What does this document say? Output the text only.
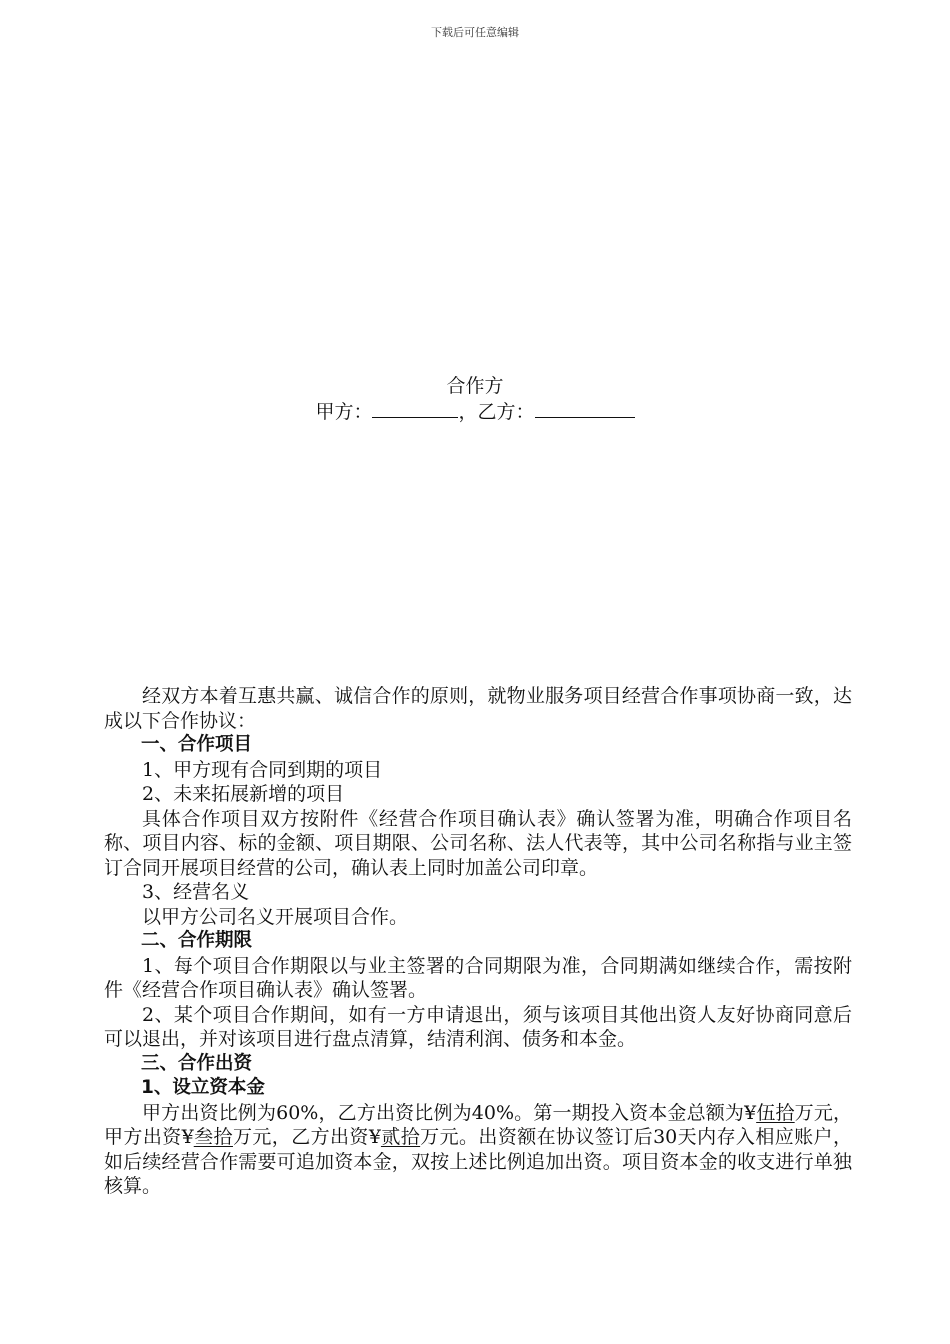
下载后可任意编辑
合作方
甲方：	，乙方：

经双方本着互惠共赢、诚信合作的原则，就物业服务项目经营合作事项协商一致，达成以下合作协议：

一、合作项目

1、甲方现有合同到期的项目

2、未来拓展新增的项目

具体合作项目双方按附件《经营合作项目确认表》确认签署为准，明确合作项目名称、项目内容、标的金额、项目期限、公司名称、法人代表等，其中公司名称指与业主签订合同开展项目经营的公司，确认表上同时加盖公司印章。

3、经营名义

以甲方公司名义开展项目合作。

二、合作期限

1、每个项目合作期限以与业主签署的合同期限为准，合同期满如继续合作，需按附件《经营合作项目确认表》确认签署。

2、某个项目合作期间，如有一方申请退出，须与该项目其他出资人友好协商同意后可以退出，并对该项目进行盘点清算，结清利润、债务和本金。

三、合作出资

1、设立资本金

甲方出资比例为60%，乙方出资比例为40%。第一期投入资本金总额为¥伍拾万元，甲方出资¥叁拾万元，乙方出资¥贰拾万元。出资额在协议签订后30天内存入相应账户，如后续经营合作需要可追加资本金，双按上述比例追加出资。项目资本金的收支进行单独核算。
